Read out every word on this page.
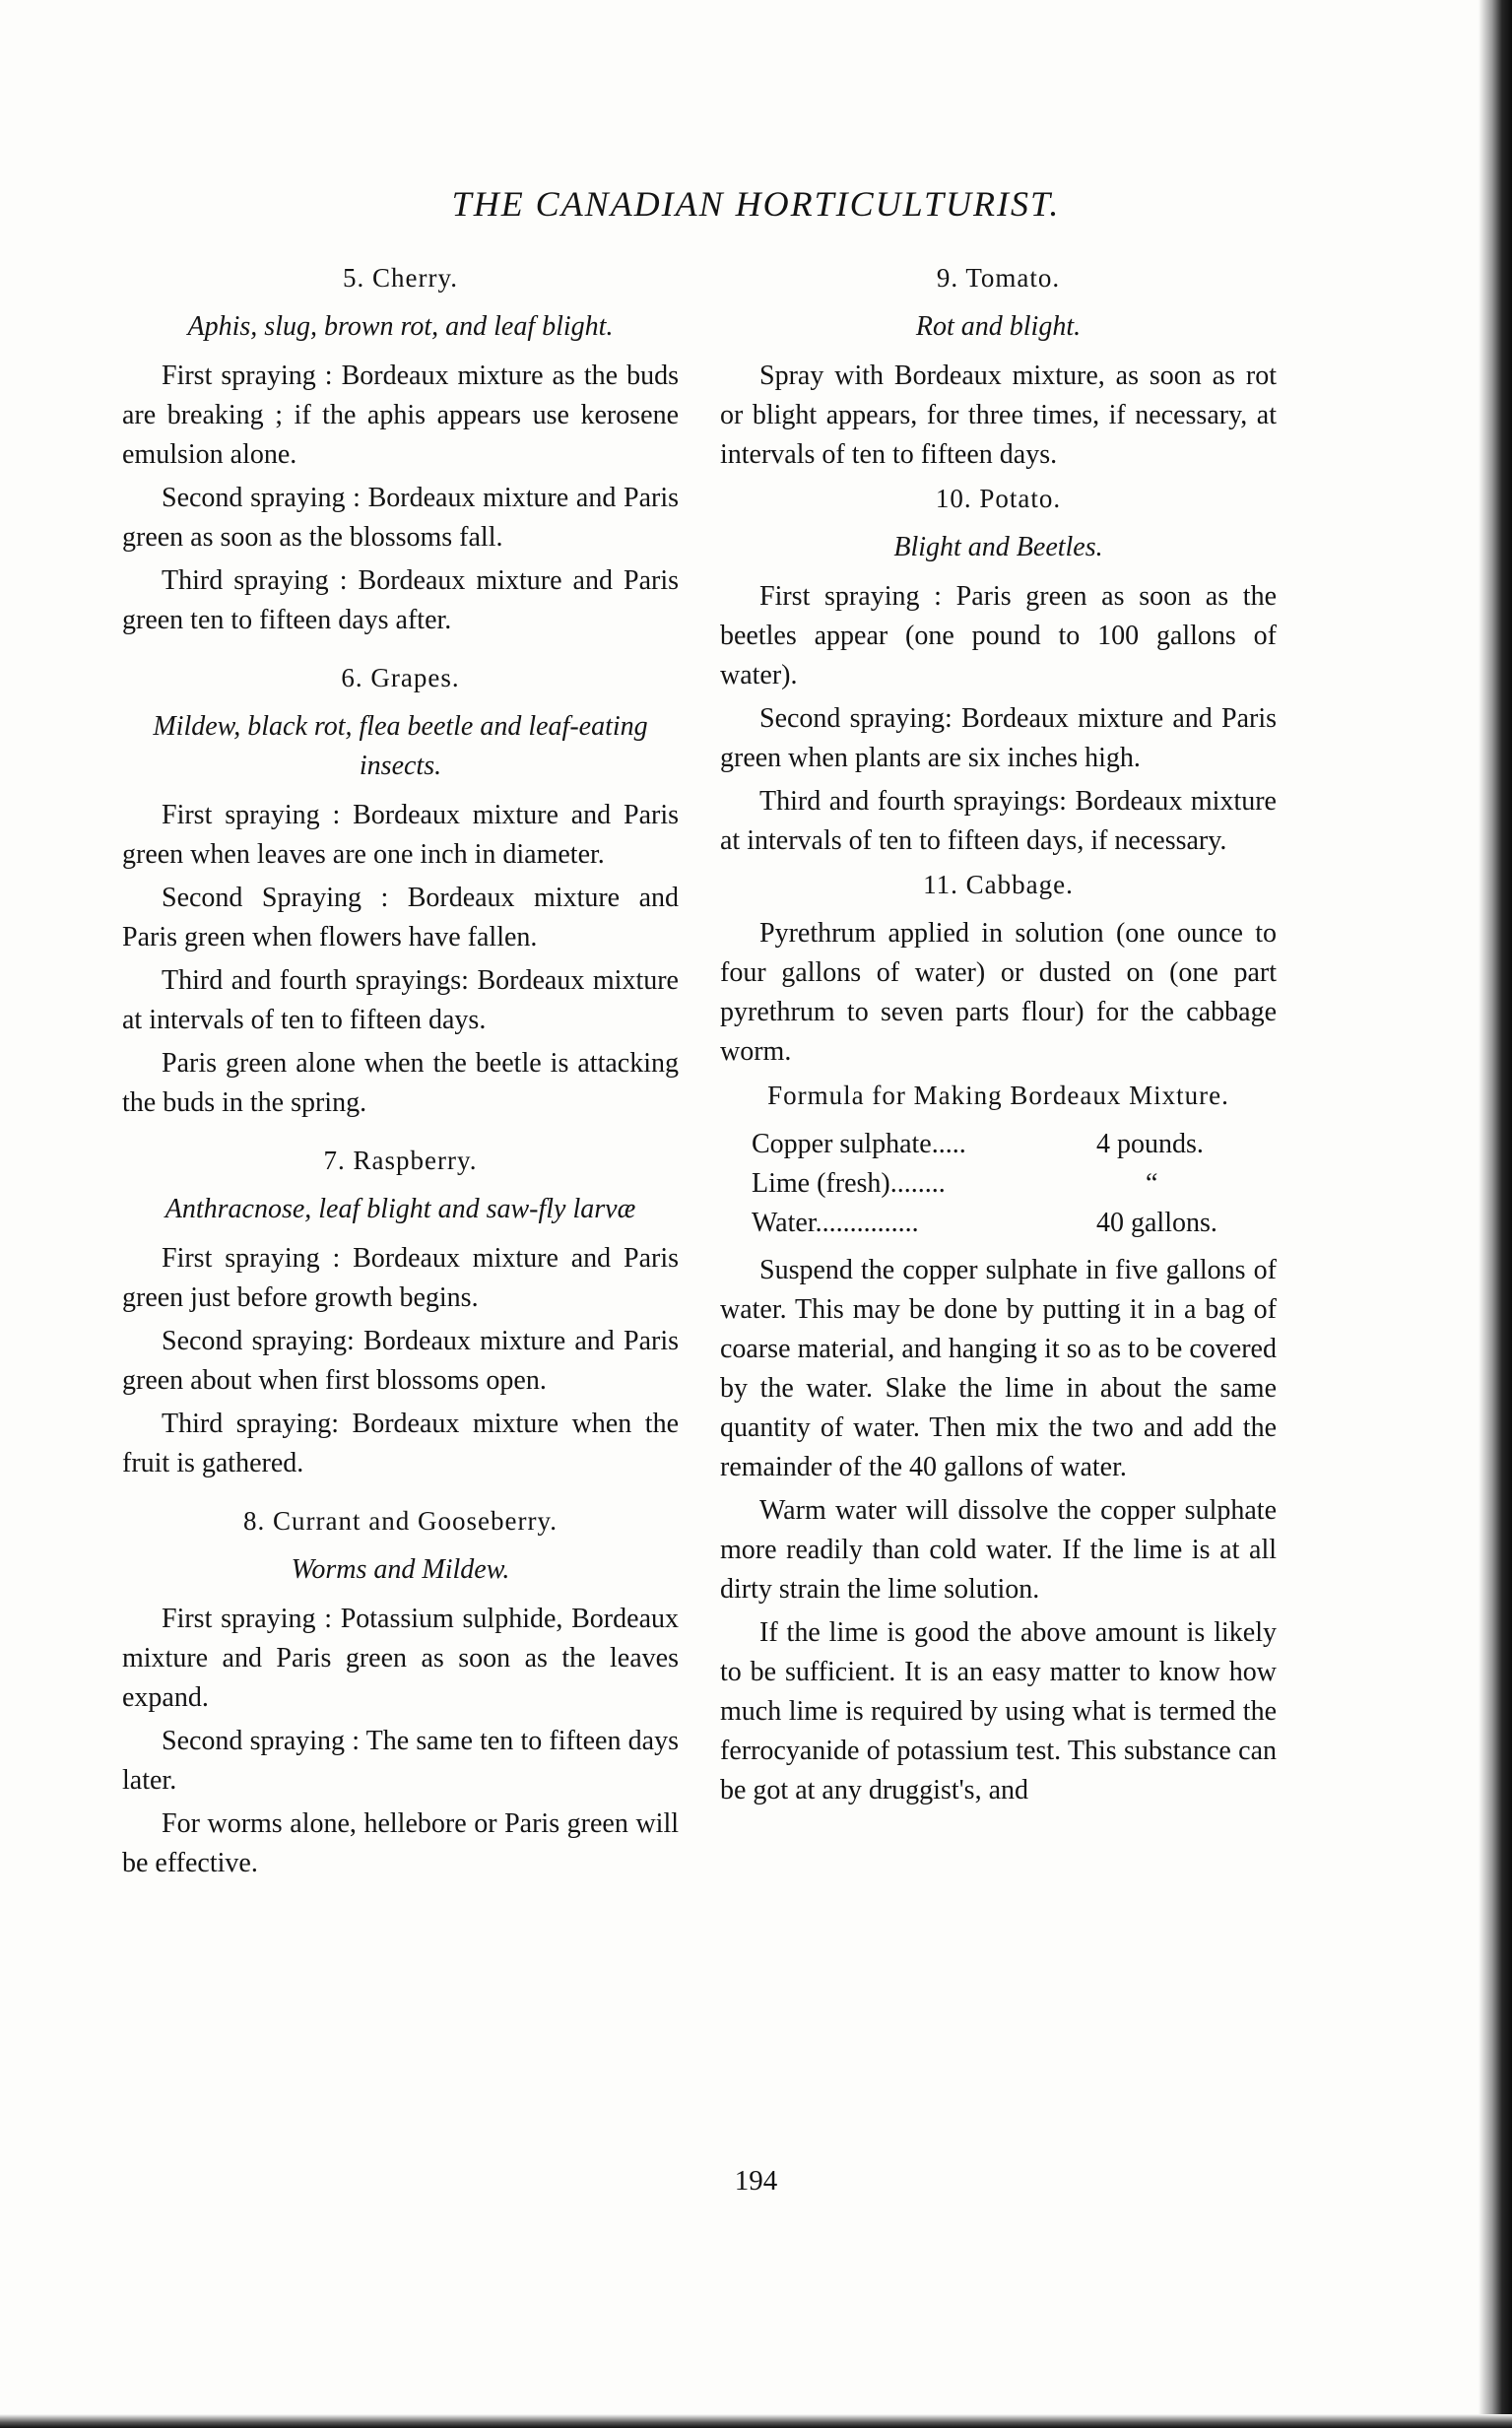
THE CANADIAN HORTICULTURIST.
5. Cherry.
Aphis, slug, brown rot, and leaf blight.

First spraying : Bordeaux mixture as the buds are breaking ; if the aphis appears use kerosene emulsion alone.

Second spraying : Bordeaux mixture and Paris green as soon as the blossoms fall.

Third spraying : Bordeaux mixture and Paris green ten to fifteen days after.

6. Grapes.
Mildew, black rot, flea beetle and leaf-eating insects.

First spraying : Bordeaux mixture and Paris green when leaves are one inch in diameter.

Second Spraying : Bordeaux mixture and Paris green when flowers have fallen.

Third and fourth sprayings: Bordeaux mixture at intervals of ten to fifteen days.

Paris green alone when the beetle is attacking the buds in the spring.

7. Raspberry.
Anthracnose, leaf blight and saw-fly larvæ

First spraying : Bordeaux mixture and Paris green just before growth begins.

Second spraying: Bordeaux mixture and Paris green about when first blossoms open.

Third spraying: Bordeaux mixture when the fruit is gathered.

8. Currant and Gooseberry.
Worms and Mildew.

First spraying : Potassium sulphide, Bordeaux mixture and Paris green as soon as the leaves expand.

Second spraying : The same ten to fifteen days later.

For worms alone, hellebore or Paris green will be effective.

9. Tomato.
Rot and blight.

Spray with Bordeaux mixture, as soon as rot or blight appears, for three times, if necessary, at intervals of ten to fifteen days.

10. Potato.
Blight and Beetles.

First spraying : Paris green as soon as the beetles appear (one pound to 100 gallons of water).

Second spraying: Bordeaux mixture and Paris green when plants are six inches high.

Third and fourth sprayings: Bordeaux mixture at intervals of ten to fifteen days, if necessary.

11. Cabbage.

Pyrethrum applied in solution (one ounce to four gallons of water) or dusted on (one part pyrethrum to seven parts flour) for the cabbage worm.

Formula for Making Bordeaux Mixture.
Copper sulphate.....	4 pounds.
Lime (fresh)........	“
Water...............	40 gallons.

Suspend the copper sulphate in five gallons of water. This may be done by putting it in a bag of coarse material, and hanging it so as to be covered by the water. Slake the lime in about the same quantity of water. Then mix the two and add the remainder of the 40 gallons of water.

Warm water will dissolve the copper sulphate more readily than cold water. If the lime is at all dirty strain the lime solution.

If the lime is good the above amount is likely to be sufficient. It is an easy matter to know how much lime is required by using what is termed the ferrocyanide of potassium test. This substance can be got at any druggist's, and

194
